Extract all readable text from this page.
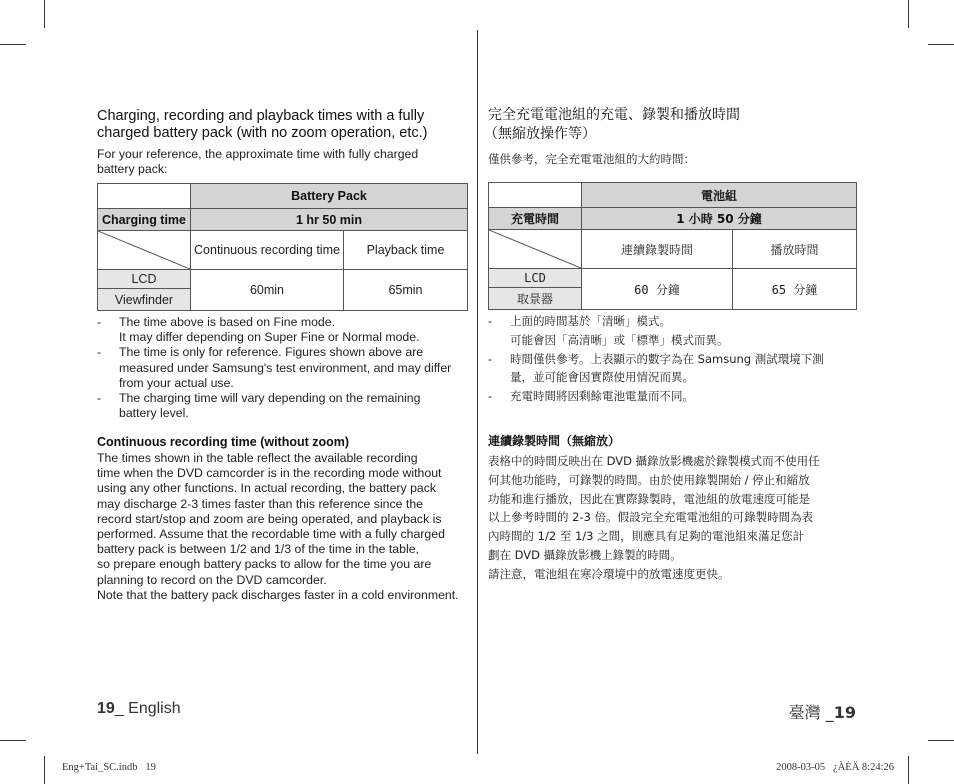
Charging, recording and playback times with a fully
charged battery pack (with no zoom operation, etc.)
For your reference, the approximate time with fully charged
battery pack:
	Battery Pack	
Charging time	1 hr 50 min	

	Continuous recording time	Playback time
LCD	60min	65min
Viewfinder		
- The time above is based on Fine mode.
It may differ depending on Super Fine or Normal mode.
- The time is only for reference. Figures shown above are
measured under Samsung's test environment, and may differ
from your actual use.
- The charging time will vary depending on the remaining
battery level.
Continuous recording time (without zoom)
The times shown in the table reflect the available recording
time when the DVD camcorder is in the recording mode without
using any other functions. In actual recording, the battery pack
may discharge 2-3 times faster than this reference since the
record start/stop and zoom are being operated, and playback is
performed. Assume that the recordable time with a fully charged
battery pack is between 1/2 and 1/3 of the time in the table,
so prepare enough battery packs to allow for the time you are
planning to record on the DVD camcorder.
Note that the battery pack discharges faster in a cold environment.
19_ English
完全充電電池組的充電、錄製和播放時間
（無縮放操作等）
僅供參考，完全充電電池組的大約時間：
	電池組	
充電時間	1 小時 50 分鐘	

	連續錄製時間	播放時間
LCD	60 分鐘	65 分鐘
取景器		
- 上面的時間基於「清晰」模式。
可能會因「高清晰」或「標準」模式而異。
- 時間僅供參考。上表顯示的數字為在 Samsung 測試環境下測
量，並可能會因實際使用情況而異。
- 充電時間將因剩餘電池電量而不同。
連續錄製時間（無縮放）
表格中的時間反映出在 DVD 攝錄放影機處於錄製模式而不使用任
何其他功能時，可錄製的時間。由於使用錄製開始 / 停止和縮放
功能和進行播放，因此在實際錄製時，電池組的放電速度可能是
以上參考時間的 2-3 倍。假設完全充電電池組的可錄製時間為表
內時間的 1/2 至 1/3 之間，則應具有足夠的電池組來滿足您計
劃在 DVD 攝錄放影機上錄製的時間。
請注意，電池組在寒冷環境中的放電速度更快。
臺灣 _19
Eng+Tai_SC.indb   19	2008-03-05   ¿ÀÈÄ 8:24:26
